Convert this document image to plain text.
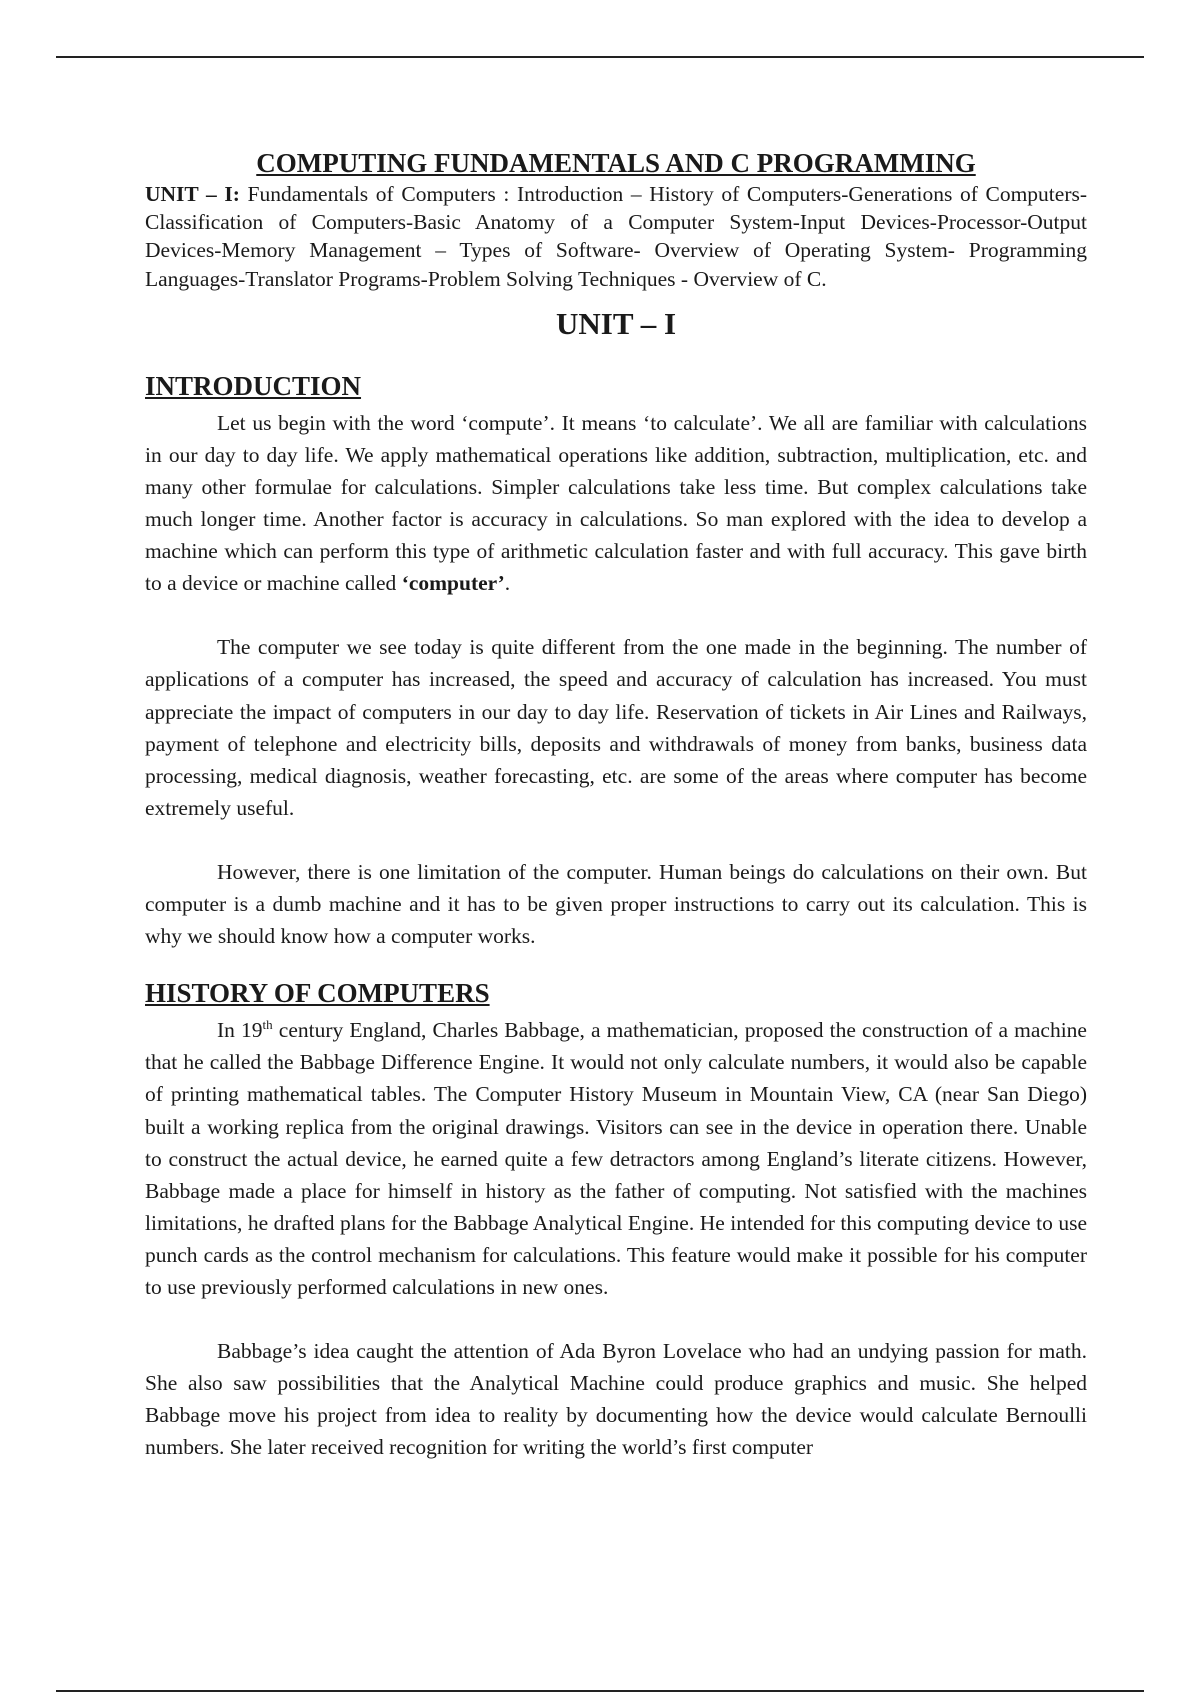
COMPUTING FUNDAMENTALS AND C PROGRAMMING

UNIT – I: Fundamentals of Computers : Introduction – History of Computers-Generations of Computers- Classification of Computers-Basic Anatomy of a Computer System-Input Devices-Processor-Output Devices-Memory Management – Types of Software- Overview of Operating System- Programming Languages-Translator Programs-Problem Solving Techniques - Overview of C.

UNIT – I
INTRODUCTION

Let us begin with the word ‘compute’. It means ‘to calculate’. We all are familiar with calculations in our day to day life. We apply mathematical operations like addition, subtraction, multiplication, etc. and many other formulae for calculations. Simpler calculations take less time. But complex calculations take much longer time. Another factor is accuracy in calculations. So man explored with the idea to develop a machine which can perform this type of arithmetic calculation faster and with full accuracy. This gave birth to a device or machine called ‘computer’.

The computer we see today is quite different from the one made in the beginning. The number of applications of a computer has increased, the speed and accuracy of calculation has increased. You must appreciate the impact of computers in our day to day life. Reservation of tickets in Air Lines and Railways, payment of telephone and electricity bills, deposits and withdrawals of money from banks, business data processing, medical diagnosis, weather forecasting, etc. are some of the areas where computer has become extremely useful.

However, there is one limitation of the computer. Human beings do calculations on their own. But computer is a dumb machine and it has to be given proper instructions to carry out its calculation. This is why we should know how a computer works.

HISTORY OF COMPUTERS

In 19th century England, Charles Babbage, a mathematician, proposed the construction of a machine that he called the Babbage Difference Engine. It would not only calculate numbers, it would also be capable of printing mathematical tables. The Computer History Museum in Mountain View, CA (near San Diego) built a working replica from the original drawings. Visitors can see in the device in operation there. Unable to construct the actual device, he earned quite a few detractors among England’s literate citizens. However, Babbage made a place for himself in history as the father of computing. Not satisfied with the machines limitations, he drafted plans for the Babbage Analytical Engine. He intended for this computing device to use punch cards as the control mechanism for calculations. This feature would make it possible for his computer to use previously performed calculations in new ones.

Babbage’s idea caught the attention of Ada Byron Lovelace who had an undying passion for math. She also saw possibilities that the Analytical Machine could produce graphics and music. She helped Babbage move his project from idea to reality by documenting how the device would calculate Bernoulli numbers. She later received recognition for writing the world’s first computer
